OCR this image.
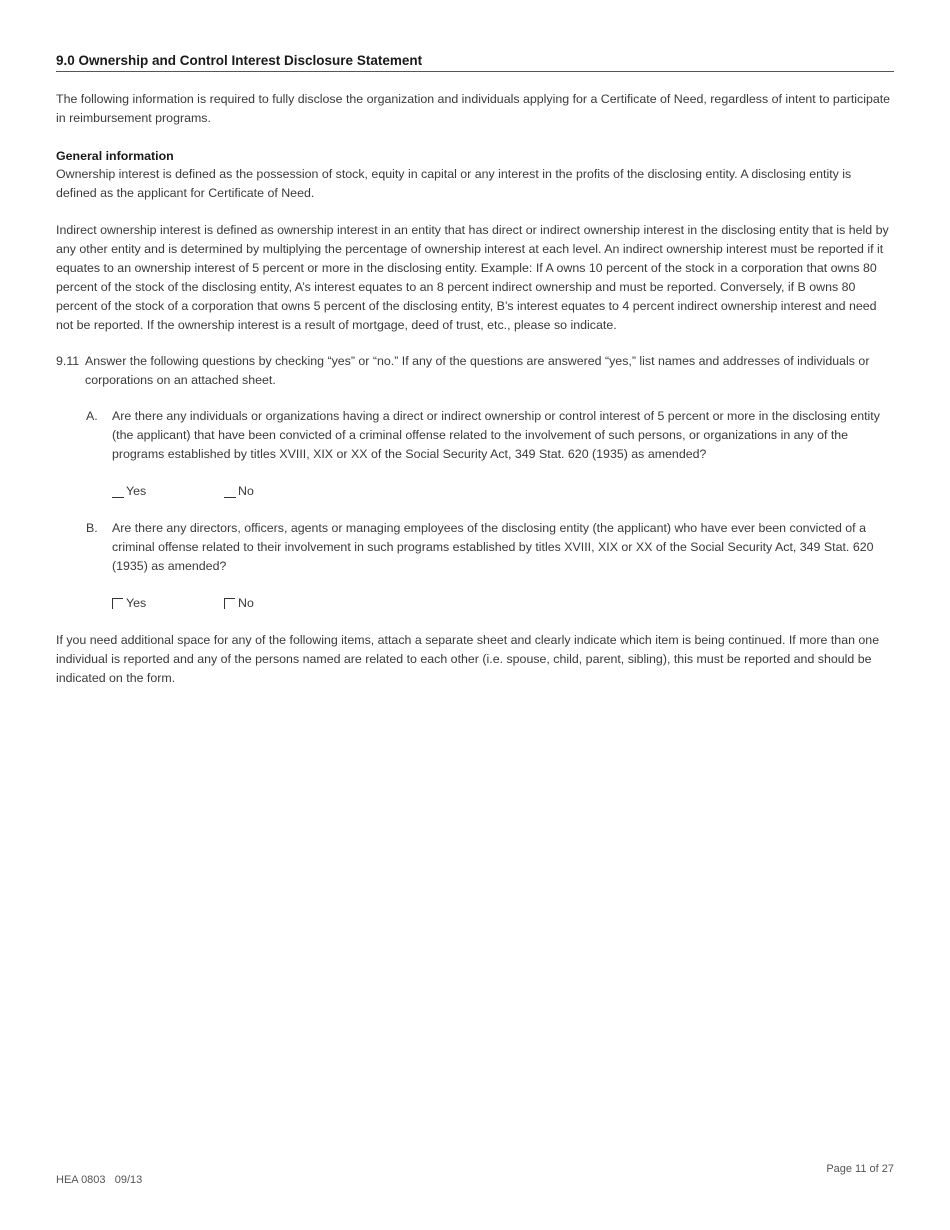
9.0 Ownership and Control Interest Disclosure Statement

The following information is required to fully disclose the organization and individuals applying for a Certificate of Need, regardless of intent to participate in reimbursement programs.

General information

Ownership interest is defined as the possession of stock, equity in capital or any interest in the profits of the disclosing entity. A disclosing entity is defined as the applicant for Certificate of Need.

Indirect ownership interest is defined as ownership interest in an entity that has direct or indirect ownership interest in the disclosing entity that is held by any other entity and is determined by multiplying the percentage of ownership interest at each level. An indirect ownership interest must be reported if it equates to an ownership interest of 5 percent or more in the disclosing entity. Example: If A owns 10 percent of the stock in a corporation that owns 80 percent of the stock of the disclosing entity, A’s interest equates to an 8 percent indirect ownership and must be reported. Conversely, if B owns 80 percent of the stock of a corporation that owns 5 percent of the disclosing entity, B’s interest equates to 4 percent indirect ownership interest and need not be reported. If the ownership interest is a result of mortgage, deed of trust, etc., please so indicate.

9.11 Answer the following questions by checking “yes” or “no.” If any of the questions are answered “yes,” list names and addresses of individuals or corporations on an attached sheet.

A.	Are there any individuals or organizations having a direct or indirect ownership or control interest of 5 percent or more in the disclosing entity (the applicant) that have been convicted of a criminal offense related to the involvement of such persons, or organizations in any of the programs established by titles XVIII, XIX or XX of the Social Security Act, 349 Stat. 620 (1935) as amended?

Yes	No
B.	Are there any directors, officers, agents or managing employees of the disclosing entity (the applicant) who have ever been convicted of a criminal offense related to their involvement in such programs established by titles XVIII, XIX or XX of the Social Security Act, 349 Stat. 620 (1935) as amended?

Yes	No

If you need additional space for any of the following items, attach a separate sheet and clearly indicate which item is being continued. If more than one individual is reported and any of the persons named are related to each other (i.e. spouse, child, parent, sibling), this must be reported and should be indicated on the form.

Page 11 of 27
HEA 0803   09/13
